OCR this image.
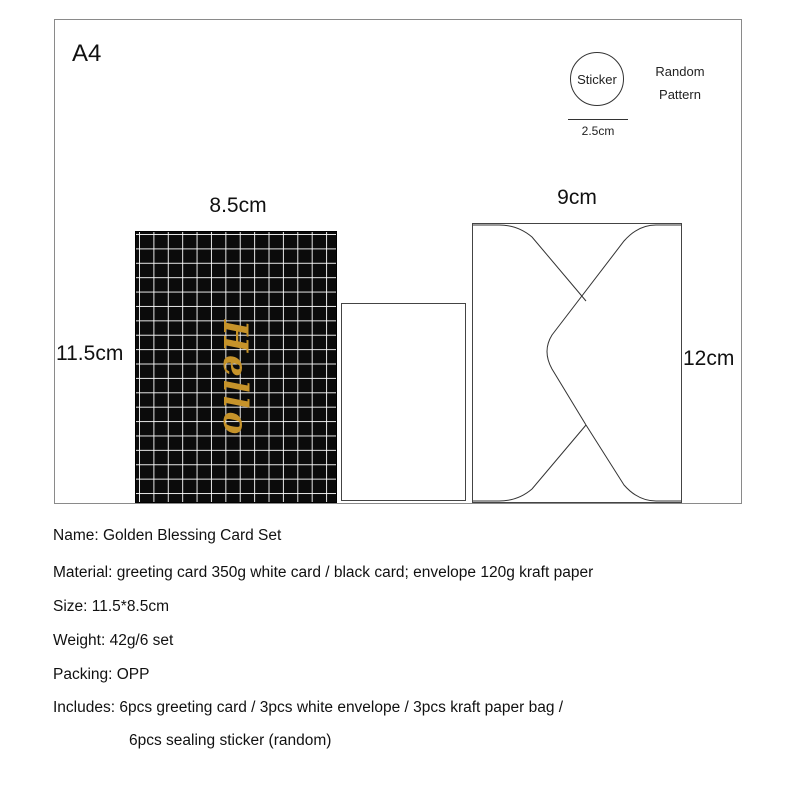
A4
Sticker
2.5cm
Random
Pattern
8.5cm
11.5cm	Hello
9cm
12cm
Name: Golden Blessing Card Set
Material: greeting card 350g white card / black card; envelope 120g kraft paper
Size: 11.5*8.5cm
Weight: 42g/6 set
Packing: OPP
Includes: 6pcs greeting card / 3pcs white envelope / 3pcs kraft paper bag /
6pcs sealing sticker (random)
